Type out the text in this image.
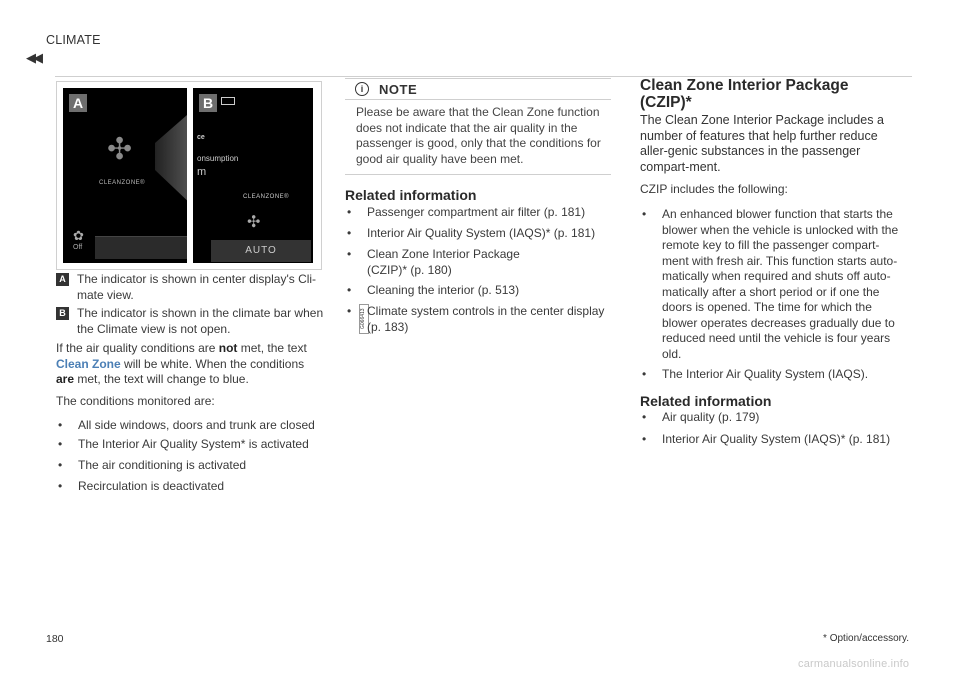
CLIMATE
◀◀
A
✣
CLEANZONE®
✿
Off
B
ce
onsumption
m
CLEANZONE®
✣
AUTO
G066413
A The indicator is shown in center display's Cli-mate view.
B The indicator is shown in the climate bar when the Climate view is not open.
If the air quality conditions are not met, the text Clean Zone will be white. When the conditions are met, the text will change to blue.
The conditions monitored are:
• All side windows, doors and trunk are closed
• The Interior Air Quality System* is activated
• The air conditioning is activated
• Recirculation is deactivated
i	NOTE
Please be aware that the Clean Zone function does not indicate that the air quality in the passenger is good, only that the conditions for good air quality have been met.
Related information
• Passenger compartment air filter (p. 181)
• Interior Air Quality System (IAQS)* (p. 181)
• Clean Zone Interior Package (CZIP)* (p. 180)
• Cleaning the interior (p. 513)
• Climate system controls in the center display (p. 183)
Clean Zone Interior Package (CZIP)*
The Clean Zone Interior Package includes a number of features that help further reduce aller-genic substances in the passenger compart-ment.
CZIP includes the following:
• An enhanced blower function that starts the blower when the vehicle is unlocked with the remote key to fill the passenger compart-ment with fresh air. This function starts auto-matically when required and shuts off auto-matically after a short period or if one the doors is opened. The time for which the blower operates decreases gradually due to reduced need until the vehicle is four years old.
• The Interior Air Quality System (IAQS).
Related information
• Air quality (p. 179)
• Interior Air Quality System (IAQS)* (p. 181)
* Option/accessory.
180
carmanualsonline.info
